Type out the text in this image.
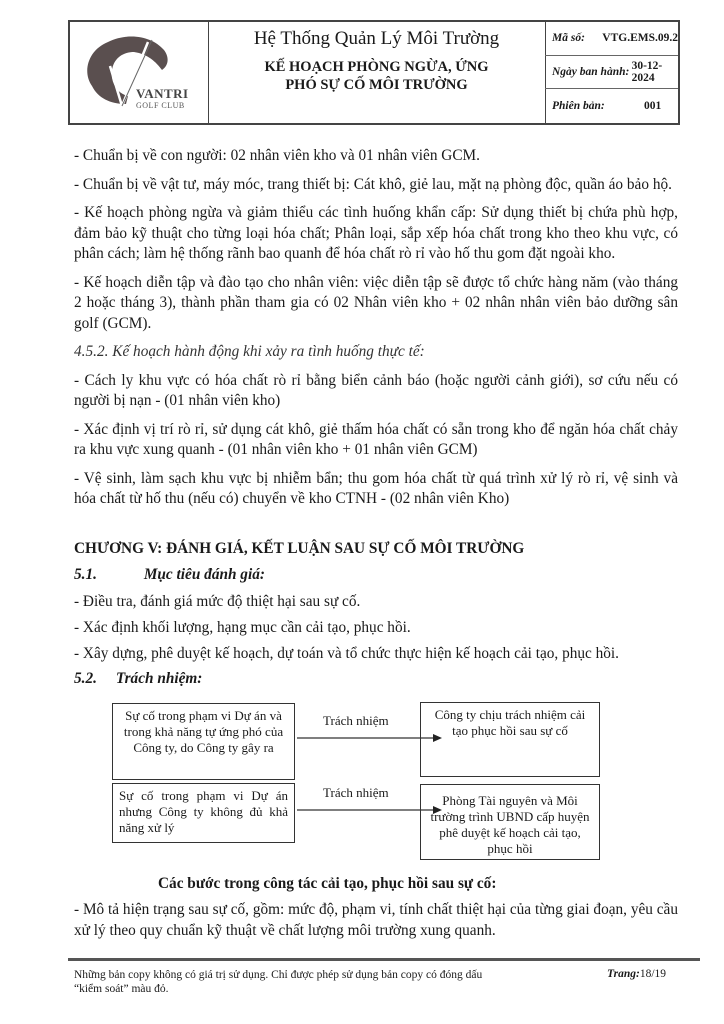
VANTRI
GOLF CLUB
Hệ Thống Quản Lý Môi Trường
KẾ HOẠCH PHÒNG NGỪA, ỨNG
PHÓ SỰ CỐ MÔI TRƯỜNG
Mã số:	VTG.EMS.09.2
Ngày ban hành: 30-12-2024
Phiên bản:	001

- Chuẩn bị về con người: 02 nhân viên kho và 01 nhân viên GCM.

- Chuẩn bị về vật tư, máy móc, trang thiết bị: Cát khô, giẻ lau, mặt nạ phòng độc, quần áo bảo hộ.

- Kế hoạch phòng ngừa và giảm thiểu các tình huống khẩn cấp: Sử dụng thiết bị chứa phù hợp, đảm bảo kỹ thuật cho từng loại hóa chất; Phân loại, sắp xếp hóa chất trong kho theo khu vực, có phân cách; làm hệ thống rãnh bao quanh để hóa chất rò rỉ vào hố thu gom đặt ngoài kho.

- Kế hoạch diễn tập và đào tạo cho nhân viên: việc diễn tập sẽ được tổ chức hàng năm (vào tháng 2 hoặc tháng 3), thành phần tham gia có 02 Nhân viên kho + 02 nhân nhân viên bảo dưỡng sân golf (GCM).

4.5.2. Kế hoạch hành động khi xảy ra tình huống thực tế:

- Cách ly khu vực có hóa chất rò rỉ bằng biển cảnh báo (hoặc người cảnh giới), sơ cứu nếu có người bị nạn - (01 nhân viên kho)

- Xác định vị trí rò rỉ, sử dụng cát khô, giẻ thấm hóa chất có sẵn trong kho để ngăn hóa chất chảy ra khu vực xung quanh - (01 nhân viên kho + 01 nhân viên GCM)

- Vệ sinh, làm sạch khu vực bị nhiễm bẩn; thu gom hóa chất từ quá trình xử lý rò rỉ, vệ sinh và hóa chất từ hố thu (nếu có) chuyển về kho CTNH - (02 nhân viên Kho)

CHƯƠNG V: ĐÁNH GIÁ, KẾT LUẬN SAU SỰ CỐ MÔI TRƯỜNG
5.1.	Mục tiêu đánh giá:
- Điều tra, đánh giá mức độ thiệt hại sau sự cố.
- Xác định khối lượng, hạng mục cần cải tạo, phục hồi.
- Xây dựng, phê duyệt kế hoạch, dự toán và tổ chức thực hiện kế hoạch cải tạo, phục hồi.
5.2. Trách nhiệm:
Sự cố trong phạm vi Dự án và trong khả năng tự ứng phó của Công ty, do Công ty gây ra
Trách nhiệm	Công ty chịu trách nhiệm cải tạo phục hồi sau sự cố
Sự cố trong phạm vi Dự án nhưng Công ty không đủ khả năng xử lý
Trách nhiệm
Phòng Tài nguyên và Môi trường trình UBND cấp huyện phê duyệt kế hoạch cải tạo, phục hồi
Các bước trong công tác cải tạo, phục hồi sau sự cố:

- Mô tả hiện trạng sau sự cố, gồm: mức độ, phạm vi, tính chất thiệt hại của từng giai đoạn, yêu cầu xử lý theo quy chuẩn kỹ thuật về chất lượng môi trường xung quanh.

Những bản copy không có giá trị sử dụng. Chỉ được phép sử dụng bản copy có đóng dấu “kiểm soát” màu đỏ.
Trang:18/19
